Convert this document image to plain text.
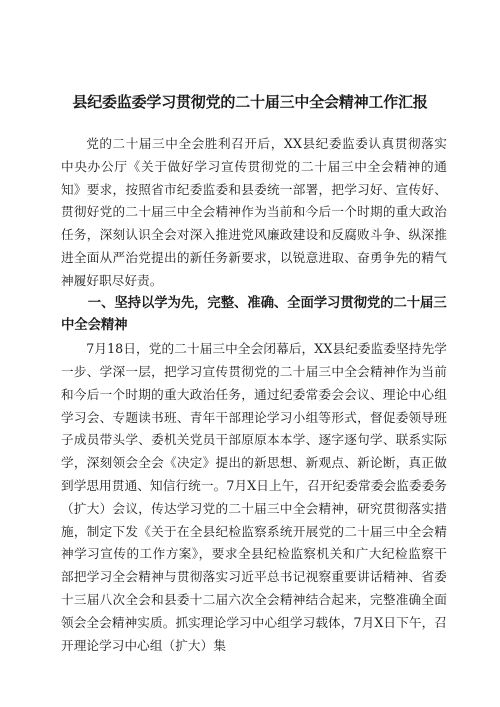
县纪委监委学习贯彻党的二十届三中全会精神工作汇报

党的二十届三中全会胜利召开后，XX县纪委监委认真贯彻落实中央办公厅《关于做好学习宣传贯彻党的二十届三中全会精神的通知》要求，按照省市纪委监委和县委统一部署，把学习好、宣传好、贯彻好党的二十届三中全会精神作为当前和今后一个时期的重大政治任务，深刻认识全会对深入推进党风廉政建设和反腐败斗争、纵深推进全面从严治党提出的新任务新要求，以锐意进取、奋勇争先的精气神履好职尽好责。

一、坚持以学为先，完整、准确、全面学习贯彻党的二十届三中全会精神

7月18日，党的二十届三中全会闭幕后，XX县纪委监委坚持先学一步、学深一层，把学习宣传贯彻党的二十届三中全会精神作为当前和今后一个时期的重大政治任务，通过纪委常委会会议、理论中心组学习会、专题读书班、青年干部理论学习小组等形式，督促委领导班子成员带头学、委机关党员干部原原本本学、逐字逐句学、联系实际学，深刻领会全会《决定》提出的新思想、新观点、新论断，真正做到学思用贯通、知信行统一。7月X日上午，召开纪委常委会监委委务（扩大）会议，传达学习党的二十届三中全会精神，研究贯彻落实措施，制定下发《关于在全县纪检监察系统开展党的二十届三中全会精神学习宣传的工作方案》，要求全县纪检监察机关和广大纪检监察干部把学习全会精神与贯彻落实习近平总书记视察重要讲话精神、省委十三届八次全会和县委十二届六次全会精神结合起来，完整准确全面领会全会精神实质。抓实理论学习中心组学习载体，7月X日下午，召开理论学习中心组（扩大）集
